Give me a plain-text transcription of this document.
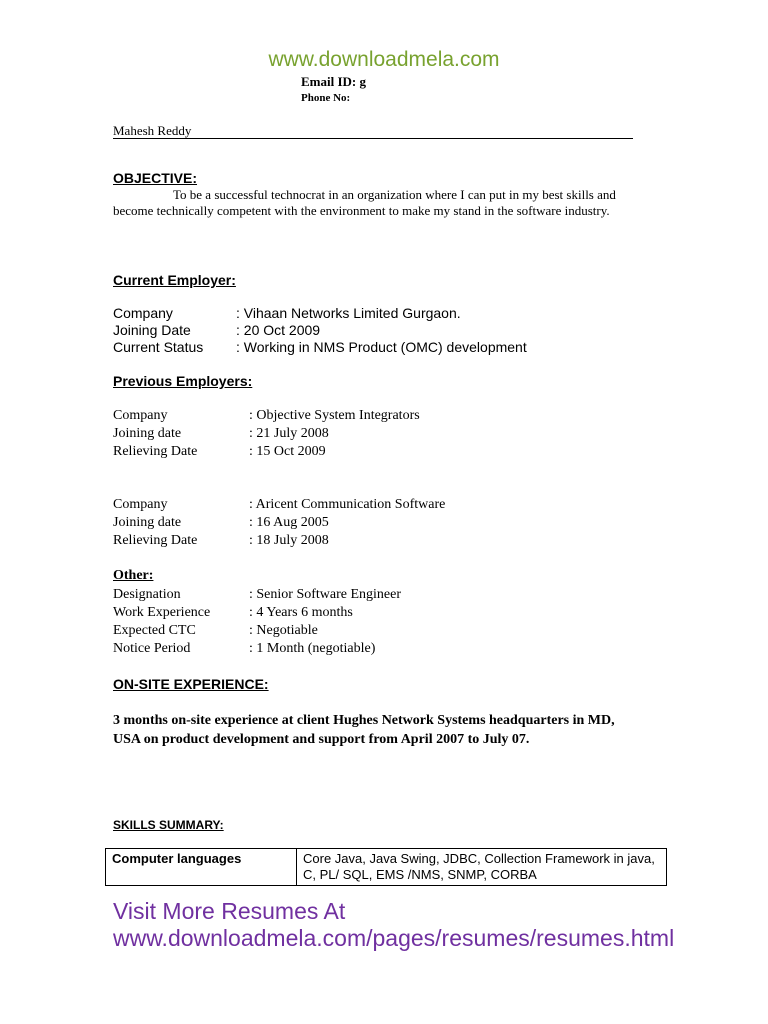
www.downloadmela.com
Email ID: g
Phone No:
Mahesh Reddy
OBJECTIVE:
To be a successful technocrat in an organization where I can put in my best skills and become technically competent with the environment to make my stand in the software industry.
Current Employer:
Company	: Vihaan Networks Limited Gurgaon.
Joining Date	: 20 Oct 2009
Current Status	: Working in NMS Product (OMC) development
Previous Employers:
Company	: Objective System Integrators
Joining date	: 21 July 2008
Relieving Date	: 15 Oct 2009
Company	: Aricent Communication Software
Joining date	: 16 Aug 2005
Relieving Date	: 18 July 2008
Other:
Designation	: Senior Software Engineer
Work Experience	: 4 Years 6 months
Expected CTC	: Negotiable
Notice Period	: 1 Month (negotiable)
ON-SITE EXPERIENCE:
3 months on-site experience at client Hughes Network Systems headquarters in MD, USA on product development and support from April 2007 to July 07.
SKILLS SUMMARY:
Computer languages	Core Java, Java Swing, JDBC, Collection Framework in java, C, PL/ SQL, EMS /NMS, SNMP, CORBA
Visit More Resumes At www.downloadmela.com/pages/resumes/resumes.html
